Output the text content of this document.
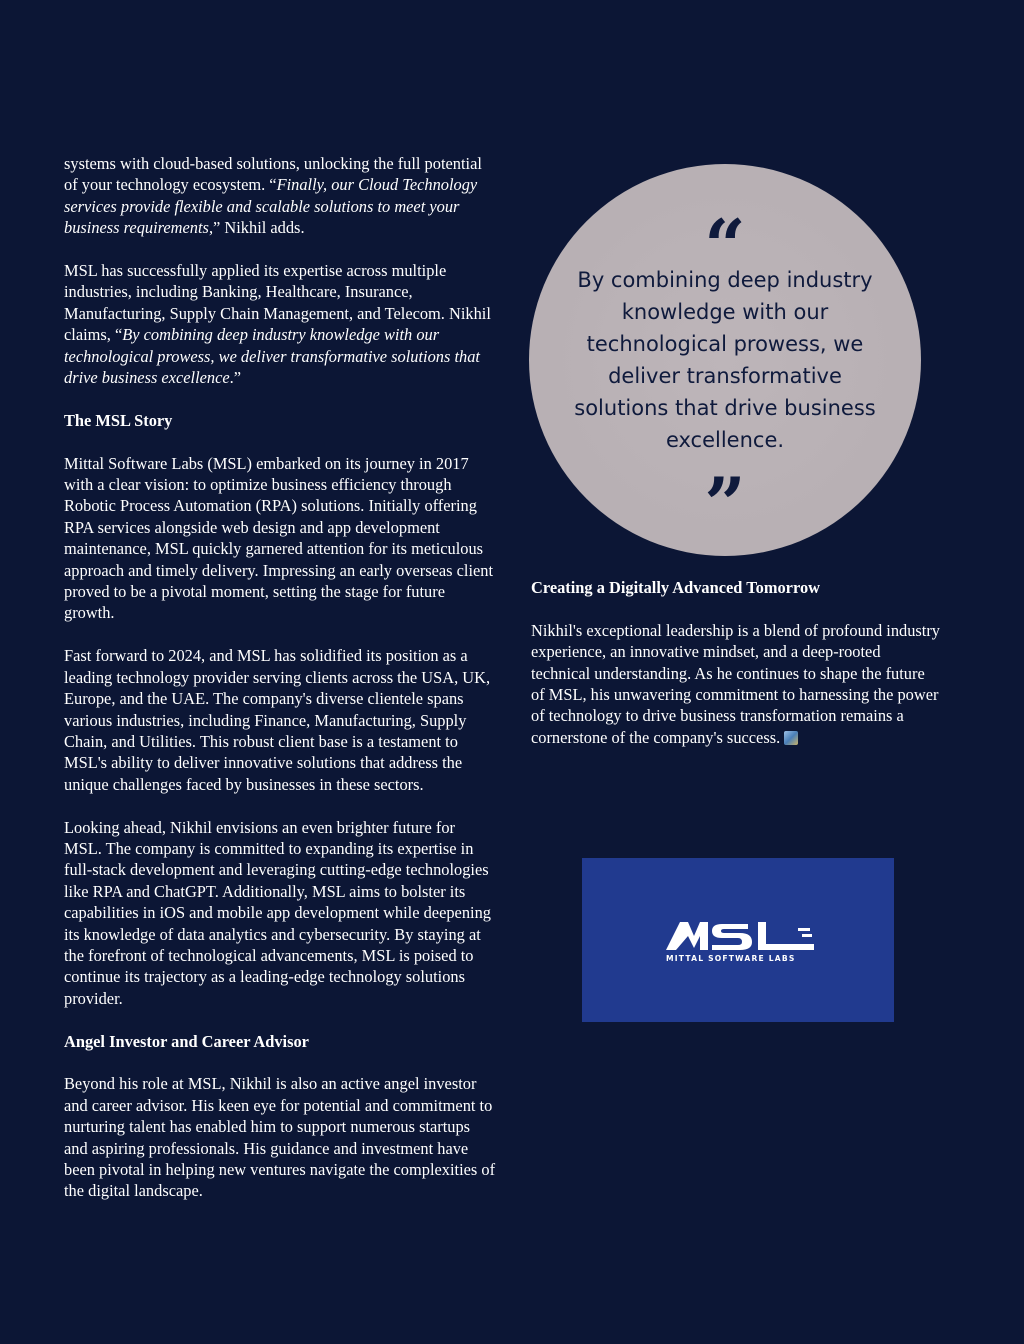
systems with cloud-based solutions, unlocking the full potential of your technology ecosystem. “Finally, our Cloud Technology services provide flexible and scalable solutions to meet your business requirements,” Nikhil adds.

MSL has successfully applied its expertise across multiple industries, including Banking, Healthcare, Insurance, Manufacturing, Supply Chain Management, and Telecom. Nikhil claims, “By combining deep industry knowledge with our technological prowess, we deliver transformative solutions that drive business excellence.”

The MSL Story

Mittal Software Labs (MSL) embarked on its journey in 2017 with a clear vision: to optimize business efficiency through Robotic Process Automation (RPA) solutions. Initially offering RPA services alongside web design and app development maintenance, MSL quickly garnered attention for its meticulous approach and timely delivery. Impressing an early overseas client proved to be a pivotal moment, setting the stage for future growth.

Fast forward to 2024, and MSL has solidified its position as a leading technology provider serving clients across the USA, UK, Europe, and the UAE. The company's diverse clientele spans various industries, including Finance, Manufacturing, Supply Chain, and Utilities. This robust client base is a testament to MSL's ability to deliver innovative solutions that address the unique challenges faced by businesses in these sectors.

Looking ahead, Nikhil envisions an even brighter future for MSL. The company is committed to expanding its expertise in full-stack development and leveraging cutting-edge technologies like RPA and ChatGPT. Additionally, MSL aims to bolster its capabilities in iOS and mobile app development while deepening its knowledge of data analytics and cybersecurity. By staying at the forefront of technological advancements, MSL is poised to continue its trajectory as a leading-edge technology solutions provider.

Angel Investor and Career Advisor

Beyond his role at MSL, Nikhil is also an active angel investor and career advisor. His keen eye for potential and commitment to nurturing talent has enabled him to support numerous startups and aspiring professionals. His guidance and investment have been pivotal in helping new ventures navigate the complexities of the digital landscape.

“
By combining deep industry knowledge with our technological prowess, we deliver transformative solutions that drive business excellence.
”
Creating a Digitally Advanced Tomorrow

Nikhil's exceptional leadership is a blend of profound industry experience, an innovative mindset, and a deep-rooted technical understanding. As he continues to shape the future of MSL, his unwavering commitment to harnessing the power of technology to drive business transformation remains a cornerstone of the company's success.

MITTAL SOFTWARE LABS
